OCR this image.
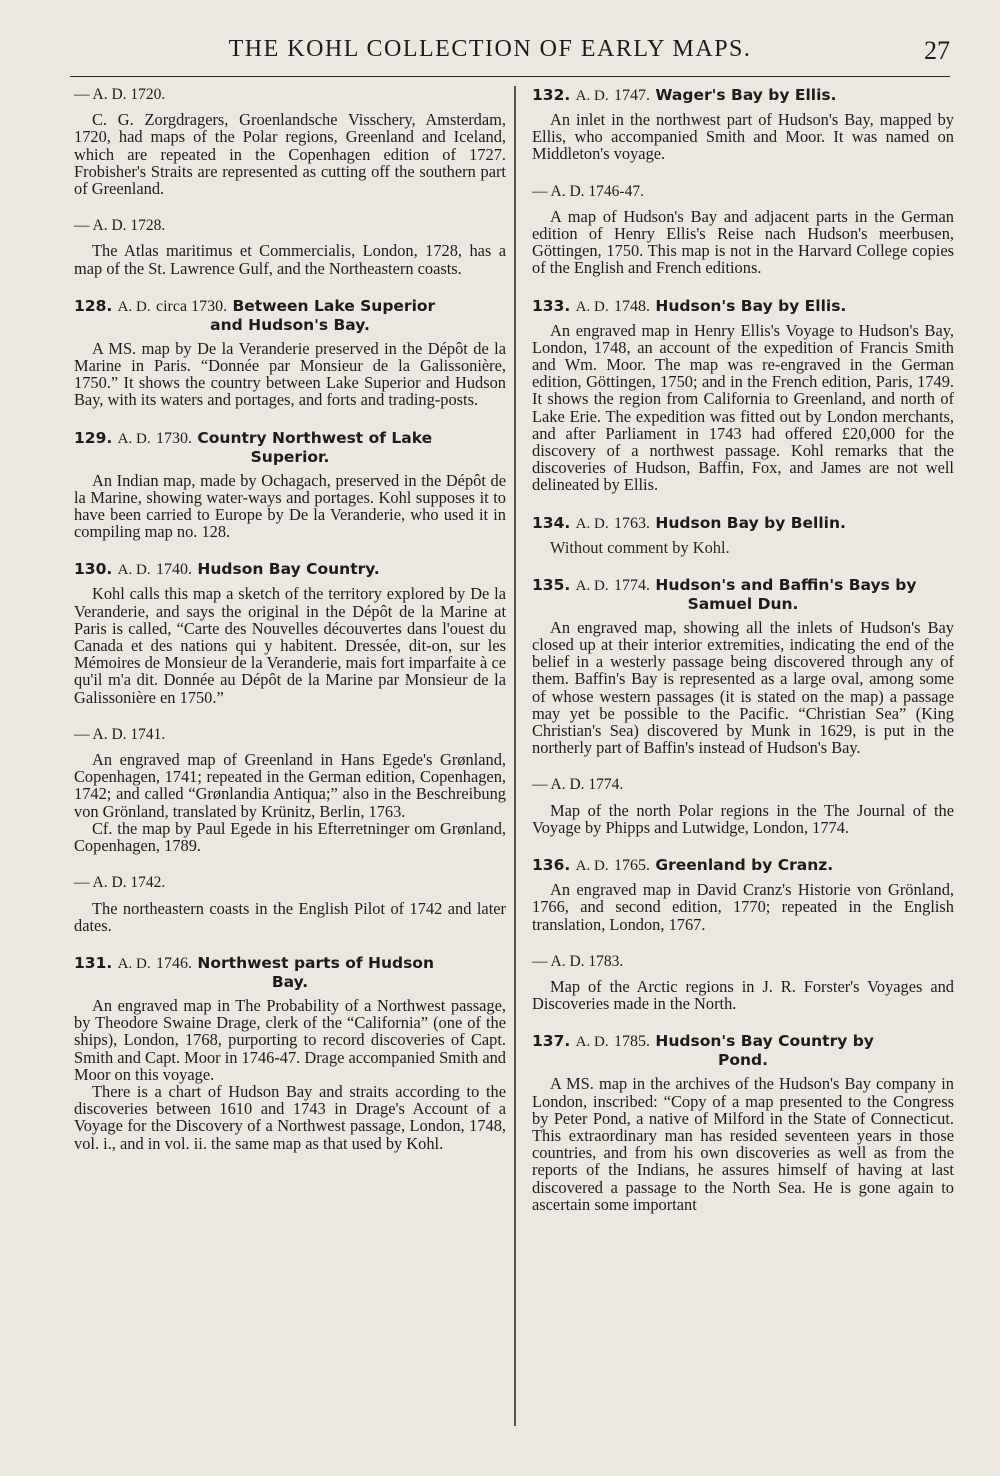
THE KOHL COLLECTION OF EARLY MAPS.	27
— A. D. 1720.

C. G. Zorgdragers, Groenlandsche Visschery, Amsterdam, 1720, had maps of the Polar regions, Greenland and Iceland, which are repeated in the Copenhagen edition of 1727. Frobisher's Straits are represented as cutting off the southern part of Greenland.

— A. D. 1728.

The Atlas maritimus et Commercialis, London, 1728, has a map of the St. Lawrence Gulf, and the Northeastern coasts.

128. A. D. circa 1730. Between Lake Superior
and Hudson's Bay.

A MS. map by De la Veranderie preserved in the Dépôt de la Marine in Paris. “Donnée par Monsieur de la Galissonière, 1750.” It shows the country between Lake Superior and Hudson Bay, with its waters and portages, and forts and trading-posts.

129. A. D. 1730. Country Northwest of Lake
Superior.

An Indian map, made by Ochagach, preserved in the Dépôt de la Marine, showing water-ways and portages. Kohl supposes it to have been carried to Europe by De la Veranderie, who used it in compiling map no. 128.

130. A. D. 1740. Hudson Bay Country.

Kohl calls this map a sketch of the territory explored by De la Veranderie, and says the original in the Dépôt de la Marine at Paris is called, “Carte des Nouvelles découvertes dans l'ouest du Canada et des nations qui y habitent. Dressée, dit-on, sur les Mémoires de Monsieur de la Veranderie, mais fort imparfaite à ce qu'il m'a dit. Donnée au Dépôt de la Marine par Monsieur de la Galissonière en 1750.”

— A. D. 1741.

An engraved map of Greenland in Hans Egede's Grønland, Copenhagen, 1741; repeated in the German edition, Copenhagen, 1742; and called “Grønlandia Antiqua;” also in the Beschreibung von Grönland, translated by Krünitz, Berlin, 1763.

Cf. the map by Paul Egede in his Efterretninger om Grønland, Copenhagen, 1789.

— A. D. 1742.

The northeastern coasts in the English Pilot of 1742 and later dates.

131. A. D. 1746. Northwest parts of Hudson
Bay.

An engraved map in The Probability of a Northwest passage, by Theodore Swaine Drage, clerk of the “California” (one of the ships), London, 1768, purporting to record discoveries of Capt. Smith and Capt. Moor in 1746-47. Drage accompanied Smith and Moor on this voyage.

There is a chart of Hudson Bay and straits according to the discoveries between 1610 and 1743 in Drage's Account of a Voyage for the Discovery of a Northwest passage, London, 1748, vol. i., and in vol. ii. the same map as that used by Kohl.

132. A. D. 1747. Wager's Bay by Ellis.

An inlet in the northwest part of Hudson's Bay, mapped by Ellis, who accompanied Smith and Moor. It was named on Middleton's voyage.

— A. D. 1746-47.

A map of Hudson's Bay and adjacent parts in the German edition of Henry Ellis's Reise nach Hudson's meerbusen, Göttingen, 1750. This map is not in the Harvard College copies of the English and French editions.

133. A. D. 1748. Hudson's Bay by Ellis.

An engraved map in Henry Ellis's Voyage to Hudson's Bay, London, 1748, an account of the expedition of Francis Smith and Wm. Moor. The map was re-engraved in the German edition, Göttingen, 1750; and in the French edition, Paris, 1749. It shows the region from California to Greenland, and north of Lake Erie. The expedition was fitted out by London merchants, and after Parliament in 1743 had offered £20,000 for the discovery of a northwest passage. Kohl remarks that the discoveries of Hudson, Baffin, Fox, and James are not well delineated by Ellis.

134. A. D. 1763. Hudson Bay by Bellin.

Without comment by Kohl.

135. A. D. 1774. Hudson's and Baffin's Bays by
Samuel Dun.

An engraved map, showing all the inlets of Hudson's Bay closed up at their interior extremities, indicating the end of the belief in a westerly passage being discovered through any of them. Baffin's Bay is represented as a large oval, among some of whose western passages (it is stated on the map) a passage may yet be possible to the Pacific. “Christian Sea” (King Christian's Sea) discovered by Munk in 1629, is put in the northerly part of Baffin's instead of Hudson's Bay.

— A. D. 1774.

Map of the north Polar regions in the The Journal of the Voyage by Phipps and Lutwidge, London, 1774.

136. A. D. 1765. Greenland by Cranz.

An engraved map in David Cranz's Historie von Grönland, 1766, and second edition, 1770; repeated in the English translation, London, 1767.

— A. D. 1783.

Map of the Arctic regions in J. R. Forster's Voyages and Discoveries made in the North.

137. A. D. 1785. Hudson's Bay Country by
Pond.

A MS. map in the archives of the Hudson's Bay company in London, inscribed: “Copy of a map presented to the Congress by Peter Pond, a native of Milford in the State of Connecticut. This extraordinary man has resided seventeen years in those countries, and from his own discoveries as well as from the reports of the Indians, he assures himself of having at last discovered a passage to the North Sea. He is gone again to ascertain some important
